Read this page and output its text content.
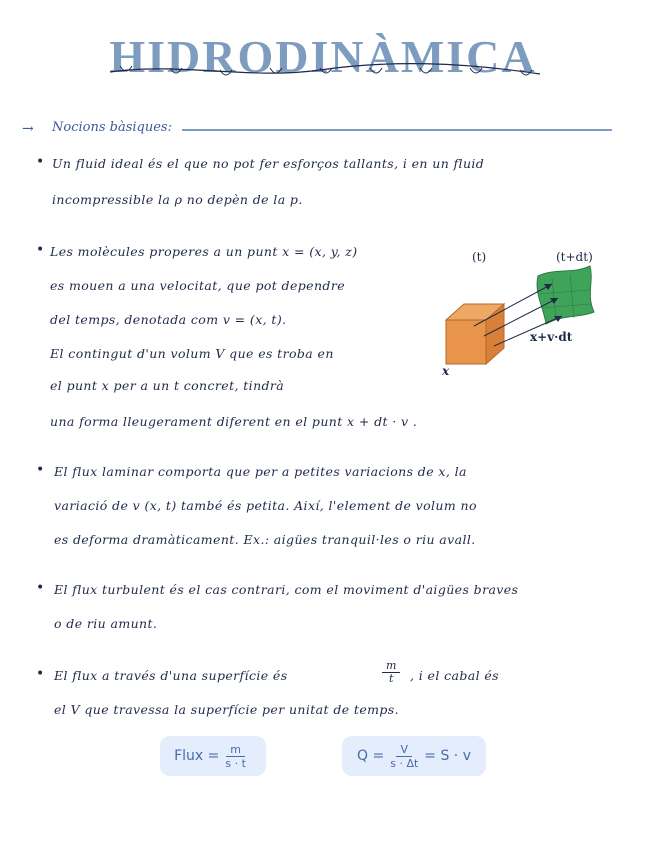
HIDRODINÀMICA
→ Nocions bàsiques:
• Un fluid ideal és el que no pot fer esforços tallants, i en un fluid
incompressible la ρ no depèn de la p.
• Les molècules properes a un punt x = (x, y, z)
es mouen a una velocitat, que pot dependre
del temps, denotada com v = (x, t).
El contingut d'un volum V que es troba en
el punt x per a un t concret, tindrà
una forma lleugerament diferent en el punt x + dt · v .
(t)	(t+dt)
x
x+v·dt
• El flux laminar comporta que per a petites variacions de x, la
variació de v (x, t) també és petita. Així, l'element de volum no
es deforma dramàticament. Ex.: aigües tranquil·les o riu avall.
• El flux turbulent és el cas contrari, com el moviment d'aigües braves
o de riu amunt.
• El flux a través d'una superfície és	$\frac{m}{t}$ , i el cabal és
el V que travessa la superfície per unitat de temps.
Flux = $\frac{m}{s \cdot t}$	$Q = \frac{V}{s \cdot \Delta t} = S \cdot v$
